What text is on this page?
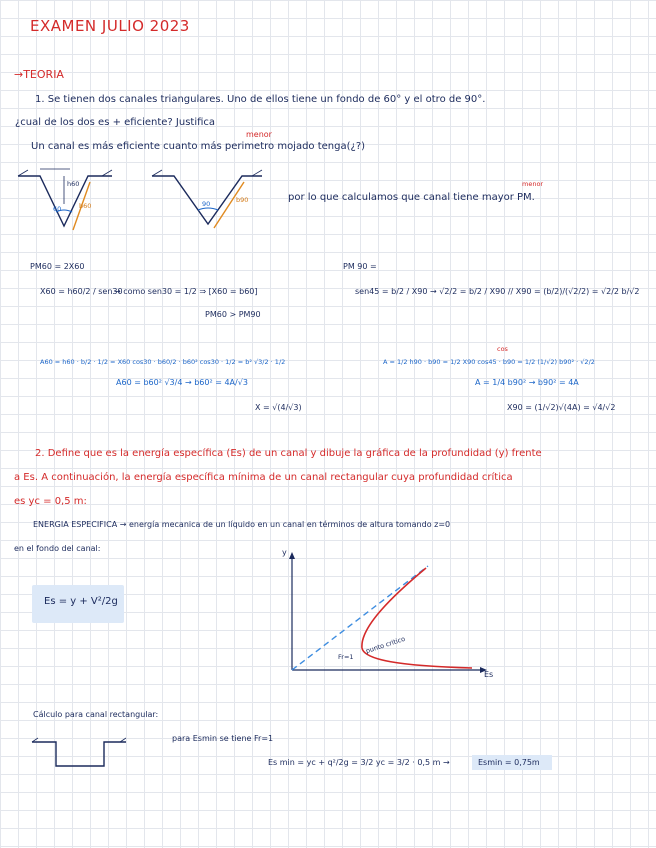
EXAMEN JULIO 2023
→TEORIA
1. Se tienen dos canales triangulares. Uno de ellos tiene un fondo de 60° y el otro de 90°.
¿cual de los dos es + eficiente? Justifica
Un canal es más eficiente cuanto más perimetro mojado tenga(¿?)
menor
60	b60
h60
90	b90	por lo que calculamos que canal tiene mayor PM.
menor
PM60 = 2X60	PM 90 =
X60 = h60/2 / sen30
→ como sen30 = 1/2 ⇒ [X60 = b60]
PM60 > PM90
sen45 = b/2 / X90 → √2/2 = b/2 / X90 // X90 = (b/2)/(√2/2) = √2/2 b/√2
A60 = h60 · b/2 · 1/2 = X60 cos30 · b60/2 · b60² cos30 · 1/2 = b² √3/2 · 1/2
A60 = b60² √3/4 → b60² = 4A/√3
X = √(4/√3)
A = 1/2 h90 · b90 = 1/2 X90 cos45 · b90 = 1/2 (1/√2) b90² · √2/2
cos
A = 1/4 b90² → b90² = 4A
X90 = (1/√2)√(4A) = √4/√2
2. Define que es la energía específica (Es) de un canal y dibuje la gráfica de la profundidad (y) frente
a Es. A continuación, la energía específica mínima de un canal rectangular cuya profundidad crítica
es yc = 0,5 m:
ENERGIA ESPECIFICA → energía mecanica de un líquido en un canal en términos de altura tomando z=0
en el fondo del canal:
Es = y + V²/2g
y
Es
punto critico
Fr=1
Cálculo para canal rectangular:
para Esmin se tiene Fr=1
Es min = yc + q²/2g = 3/2 yc = 3/2 · 0,5 m →	Esmin = 0,75m
